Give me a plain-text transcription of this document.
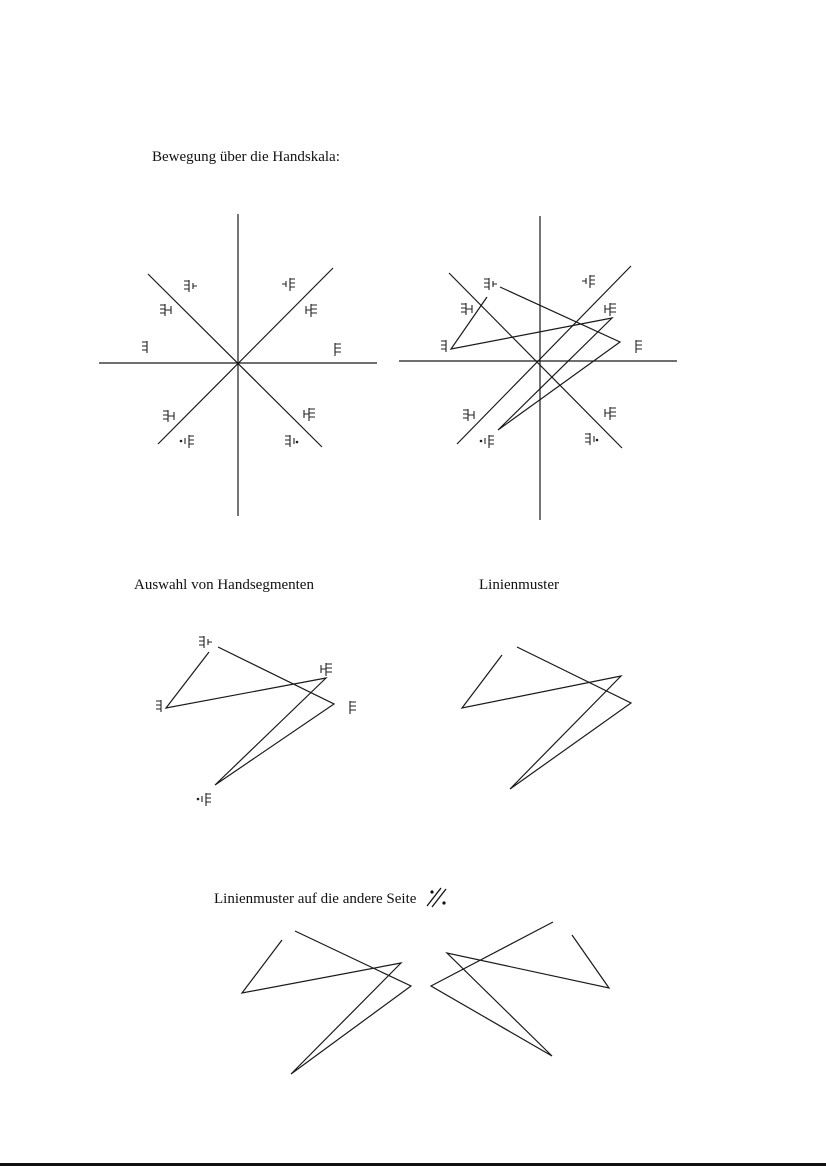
Bewegung über die Handskala:
Auswahl von Handsegmenten	Linienmuster
Linienmuster auf die andere Seite
